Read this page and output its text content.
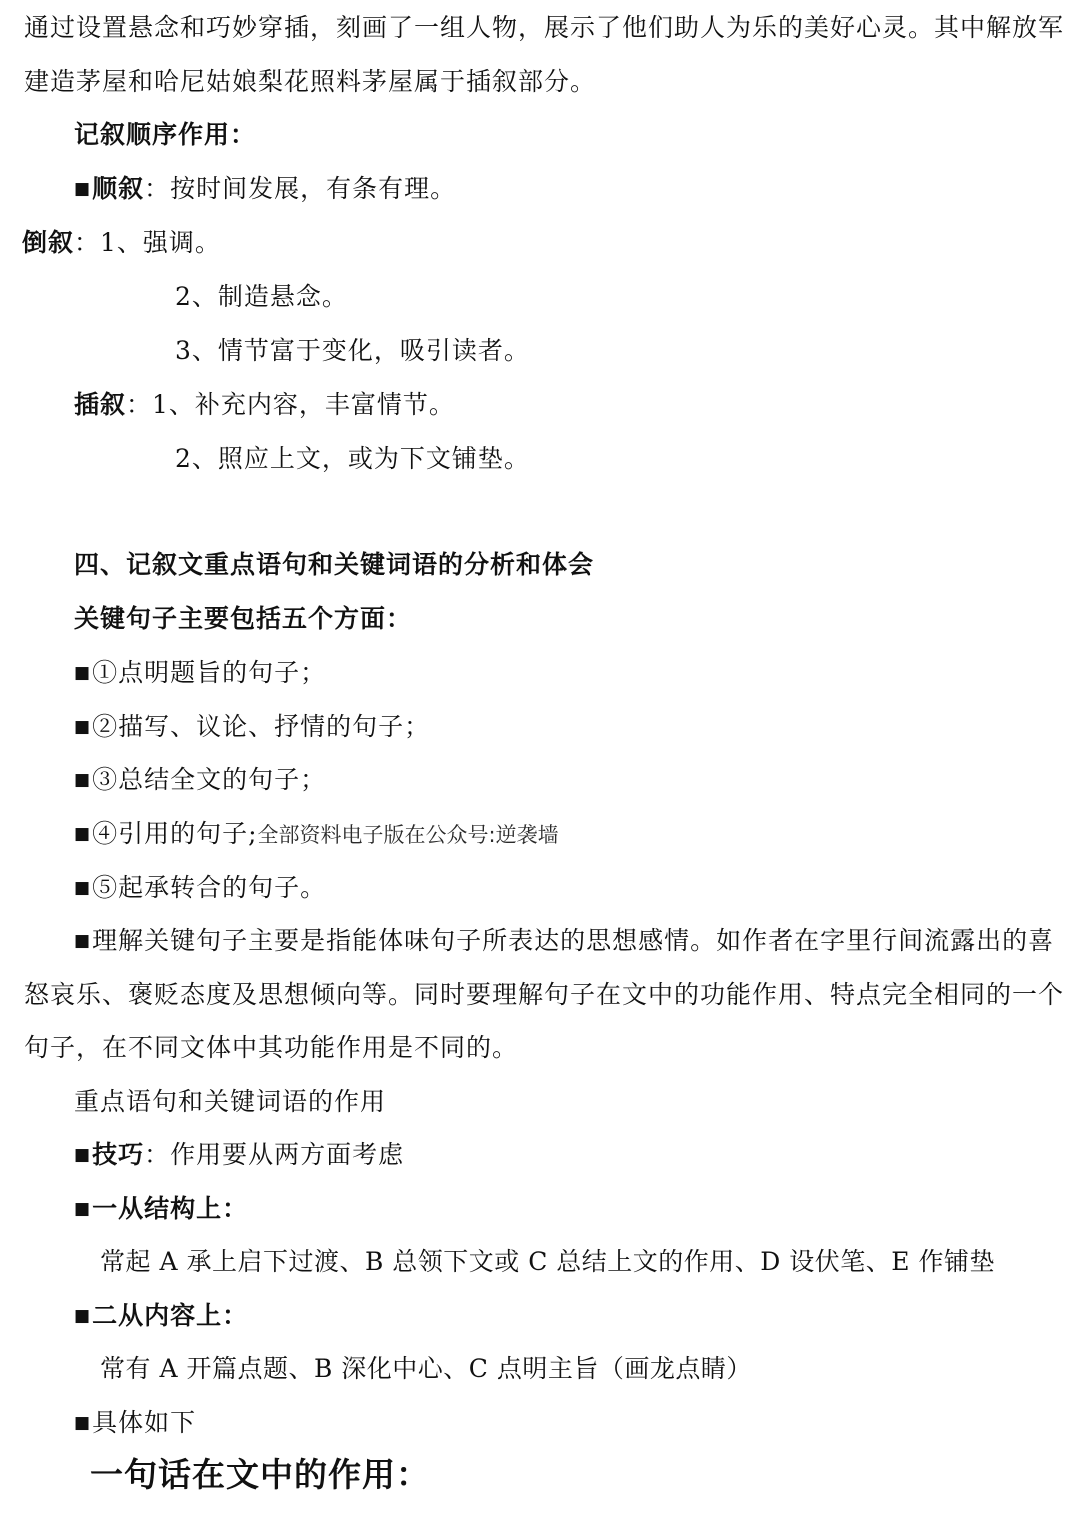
通过设置悬念和巧妙穿插，刻画了一组人物，展示了他们助人为乐的美好心灵。其中解放军
建造茅屋和哈尼姑娘梨花照料茅屋属于插叙部分。
记叙顺序作用：
■顺叙：按时间发展，有条有理。
倒叙：1、强调。
2、制造悬念。
3、情节富于变化，吸引读者。
插叙：1、补充内容，丰富情节。
2、照应上文，或为下文铺垫。
四、记叙文重点语句和关键词语的分析和体会
关键句子主要包括五个方面：
■①点明题旨的句子；
■②描写、议论、抒情的句子；
■③总结全文的句子；
■④引用的句子;全部资料电子版在公众号:逆袭墙
■⑤起承转合的句子。
■理解关键句子主要是指能体味句子所表达的思想感情。如作者在字里行间流露出的喜
怒哀乐、褒贬态度及思想倾向等。同时要理解句子在文中的功能作用、特点完全相同的一个
句子，在不同文体中其功能作用是不同的。
重点语句和关键词语的作用
■技巧：作用要从两方面考虑
■一从结构上：
常起 A 承上启下过渡、B 总领下文或 C 总结上文的作用、D 设伏笔、E 作铺垫
■二从内容上：
常有 A 开篇点题、B 深化中心、C 点明主旨（画龙点睛）
■具体如下
一句话在文中的作用：
